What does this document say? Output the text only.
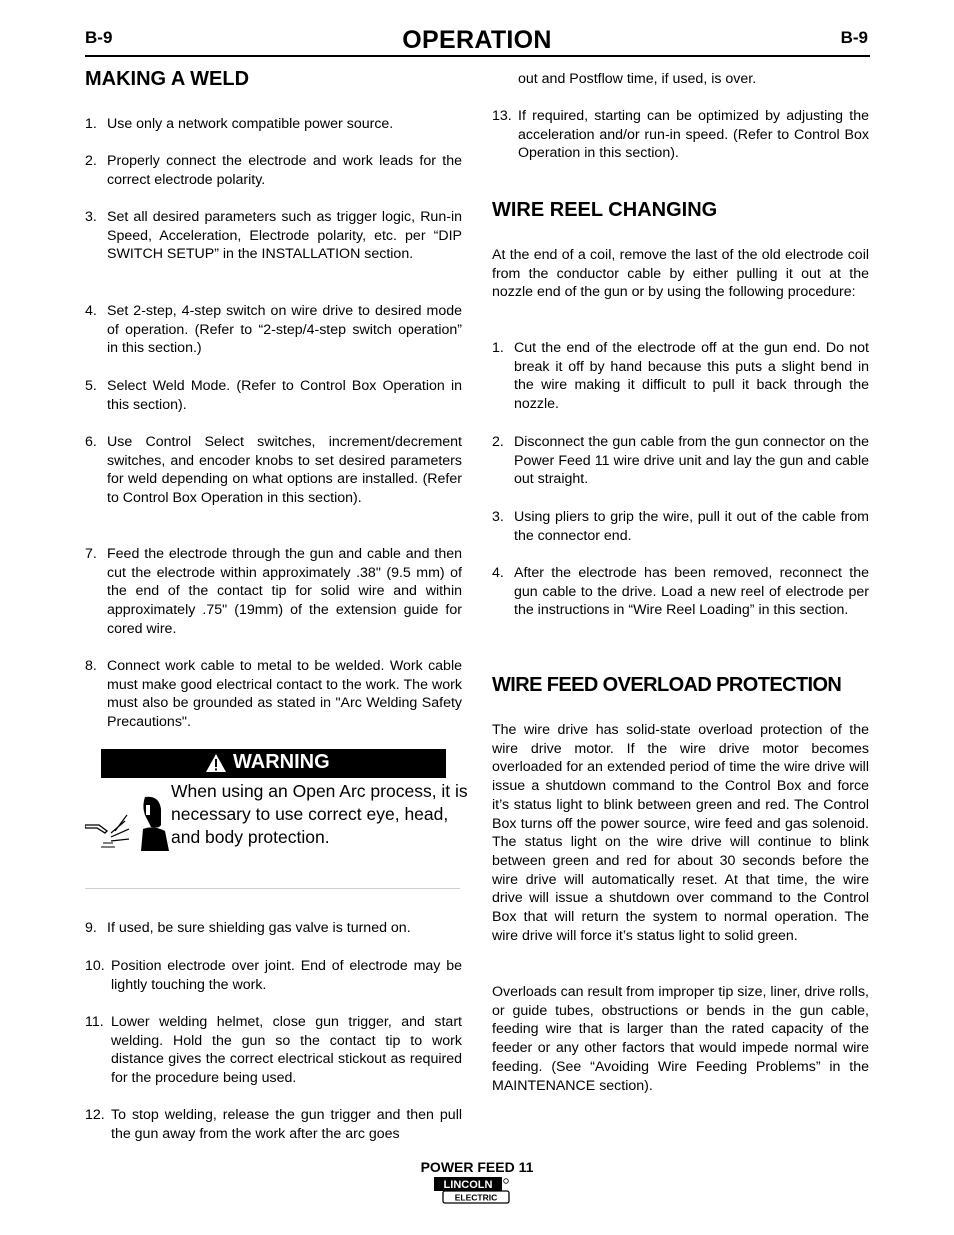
B-9	OPERATION	B-9
MAKING A WELD
1. Use only a network compatible power source.
2. Properly connect the electrode and work leads for the correct electrode polarity.
3. Set all desired parameters such as trigger logic, Run-in Speed, Acceleration, Electrode polarity, etc. per “DIP SWITCH SETUP” in the INSTALLATION section.
4. Set 2-step, 4-step switch on wire drive to desired mode of operation. (Refer to “2-step/4-step switch operation” in this section.)
5. Select Weld Mode. (Refer to Control Box Operation in this section).
6. Use Control Select switches, increment/decrement switches, and encoder knobs to set desired parameters for weld depending on what options are installed. (Refer to Control Box Operation in this section).
7. Feed the electrode through the gun and cable and then cut the electrode within approximately .38" (9.5 mm) of the end of the contact tip for solid wire and within approximately .75" (19mm) of the extension guide for cored wire.
8. Connect work cable to metal to be welded. Work cable must make good electrical contact to the work. The work must also be grounded as stated in "Arc Welding Safety Precautions".
WARNING
When using an Open Arc process, it is necessary to use correct eye, head, and body protection.
9. If used, be sure shielding gas valve is turned on.
10. Position electrode over joint. End of electrode may be lightly touching the work.
11. Lower welding helmet, close gun trigger, and start welding. Hold the gun so the contact tip to work distance gives the correct electrical stickout as required for the procedure being used.
12. To stop welding, release the gun trigger and then pull the gun away from the work after the arc goes
out and Postflow time, if used, is over.
13. If required, starting can be optimized by adjusting the acceleration and/or run-in speed. (Refer to Control Box Operation in this section).
WIRE REEL CHANGING
At the end of a coil, remove the last of the old electrode coil from the conductor cable by either pulling it out at the nozzle end of the gun or by using the following procedure:
1. Cut the end of the electrode off at the gun end. Do not break it off by hand because this puts a slight bend in the wire making it difficult to pull it back through the nozzle.
2. Disconnect the gun cable from the gun connector on the Power Feed 11 wire drive unit and lay the gun and cable out straight.
3. Using pliers to grip the wire, pull it out of the cable from the connector end.
4. After the electrode has been removed, reconnect the gun cable to the drive. Load a new reel of electrode per the instructions in “Wire Reel Loading” in this section.
WIRE FEED OVERLOAD PROTECTION
The wire drive has solid-state overload protection of the wire drive motor. If the wire drive motor becomes overloaded for an extended period of time the wire drive will issue a shutdown command to the Control Box and force it’s status light to blink between green and red. The Control Box turns off the power source, wire feed and gas solenoid. The status light on the wire drive will continue to blink between green and red for about 30 seconds before the wire drive will automatically reset. At that time, the wire drive will issue a shutdown over command to the Control Box that will return the system to normal operation. The wire drive will force it’s status light to solid green.
Overloads can result from improper tip size, liner, drive rolls, or guide tubes, obstructions or bends in the gun cable, feeding wire that is larger than the rated capacity of the feeder or any other factors that would impede normal wire feeding. (See “Avoiding Wire Feeding Problems” in the MAINTENANCE section).
POWER FEED 11
LINCOLN
ELECTRIC
